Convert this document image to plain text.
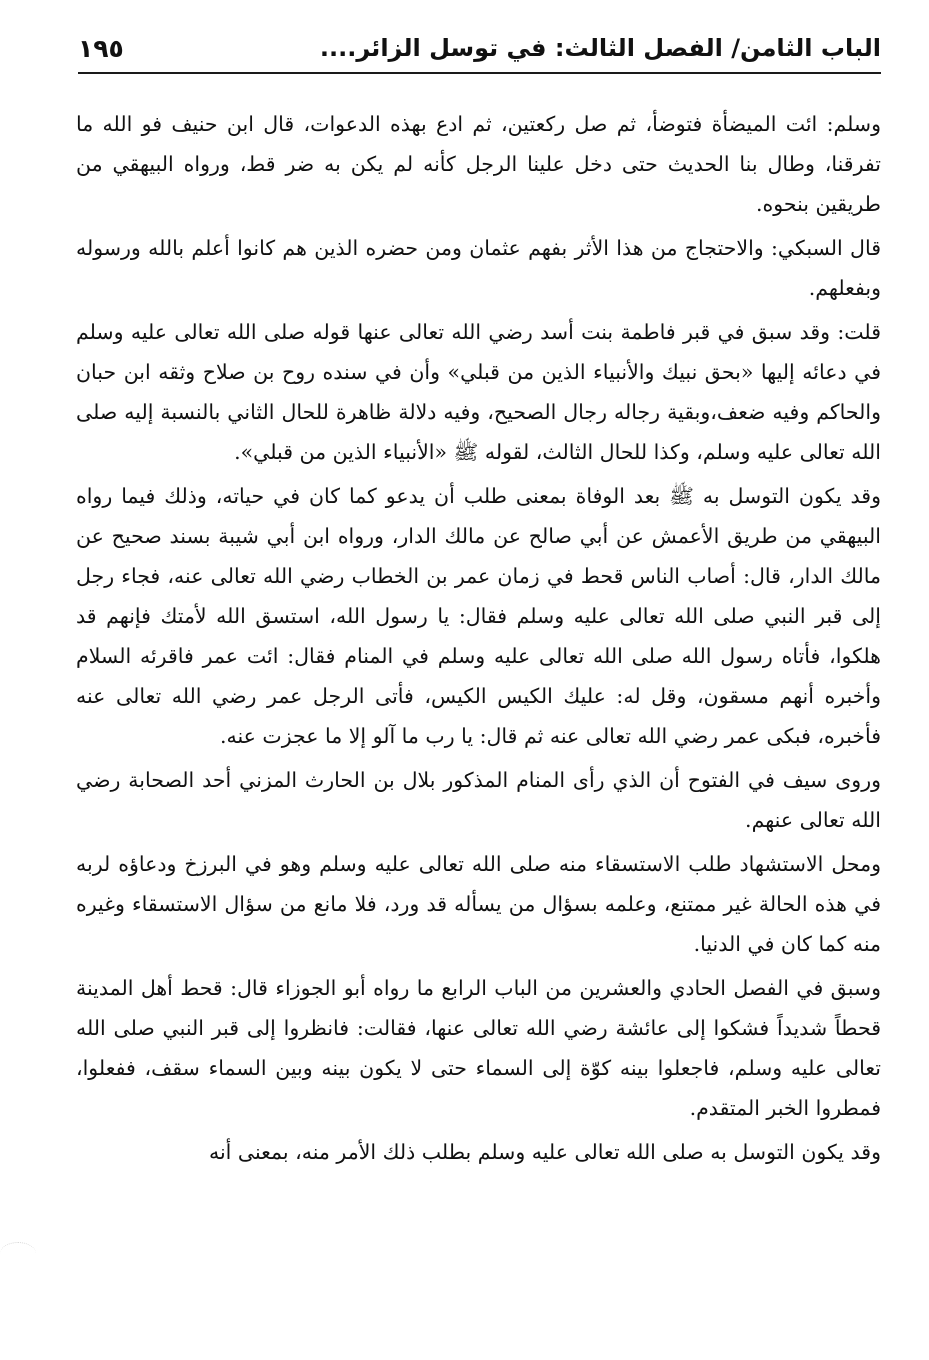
الباب الثامن/ الفصل الثالث: في توسل الزائر....
١٩٥

وسلم: ائت الميضأة فتوضأ، ثم صل ركعتين، ثم ادع بهذه الدعوات، قال ابن حنيف فو الله ما تفرقنا، وطال بنا الحديث حتى دخل علينا الرجل كأنه لم يكن به ضر قط، ورواه البيهقي من طريقين بنحوه.

قال السبكي: والاحتجاج من هذا الأثر بفهم عثمان ومن حضره الذين هم كانوا أعلم بالله ورسوله وبفعلهم.

قلت: وقد سبق في قبر فاطمة بنت أسد رضي الله تعالى عنها قوله صلى الله تعالى عليه وسلم في دعائه إليها «بحق نبيك والأنبياء الذين من قبلي» وأن في سنده روح بن صلاح وثقه ابن حبان والحاكم وفيه ضعف،وبقية رجاله رجال الصحيح، وفيه دلالة ظاهرة للحال الثاني بالنسبة إليه صلى الله تعالى عليه وسلم، وكذا للحال الثالث، لقوله ﷺ «الأنبياء الذين من قبلي».

وقد يكون التوسل به ﷺ بعد الوفاة بمعنى طلب أن يدعو كما كان في حياته، وذلك فيما رواه البيهقي من طريق الأعمش عن أبي صالح عن مالك الدار، ورواه ابن أبي شيبة بسند صحيح عن مالك الدار، قال: أصاب الناس قحط في زمان عمر بن الخطاب رضي الله تعالى عنه، فجاء رجل إلى قبر النبي صلى الله تعالى عليه وسلم فقال: يا رسول الله، استسق الله لأمتك فإنهم قد هلكوا، فأتاه رسول الله صلى الله تعالى عليه وسلم في المنام فقال: ائت عمر فاقرئه السلام وأخبره أنهم مسقون، وقل له: عليك الكيس الكيس، فأتى الرجل عمر رضي الله تعالى عنه فأخبره، فبكى عمر رضي الله تعالى عنه ثم قال: يا رب ما آلو إلا ما عجزت عنه.

وروى سيف في الفتوح أن الذي رأى المنام المذكور بلال بن الحارث المزني أحد الصحابة رضي الله تعالى عنهم.

ومحل الاستشهاد طلب الاستسقاء منه صلى الله تعالى عليه وسلم وهو في البرزخ ودعاؤه لربه في هذه الحالة غير ممتنع، وعلمه بسؤال من يسأله قد ورد، فلا مانع من سؤال الاستسقاء وغيره منه كما كان في الدنيا.

وسبق في الفصل الحادي والعشرين من الباب الرابع ما رواه أبو الجوزاء قال: قحط أهل المدينة قحطاً شديداً فشكوا إلى عائشة رضي الله تعالى عنها، فقالت: فانظروا إلى قبر النبي صلى الله تعالى عليه وسلم، فاجعلوا بينه كوّة إلى السماء حتى لا يكون بينه وبين السماء سقف، ففعلوا، فمطروا الخبر المتقدم.

وقد يكون التوسل به صلى الله تعالى عليه وسلم بطلب ذلك الأمر منه، بمعنى أنه
